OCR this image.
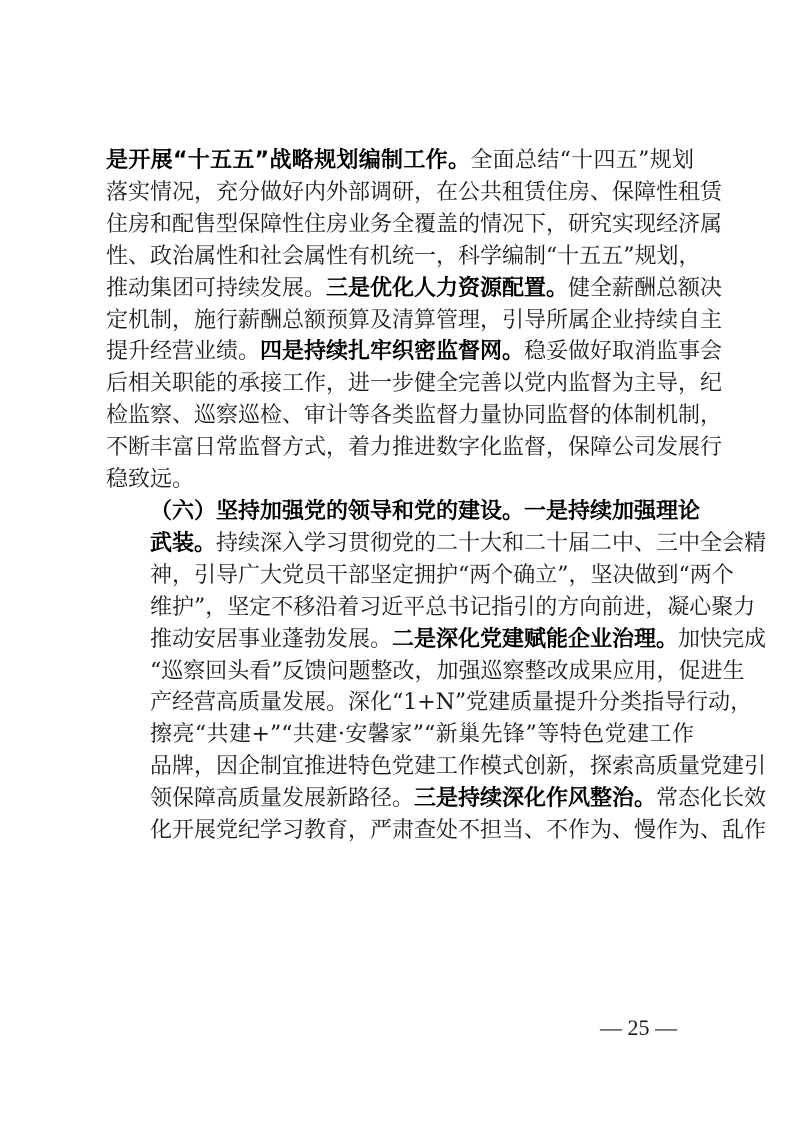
是开展“十五五”战略规划编制工作。全面总结“十四五”规划
落实情况，充分做好内外部调研，在公共租赁住房、保障性租赁
住房和配售型保障性住房业务全覆盖的情况下，研究实现经济属
性、政治属性和社会属性有机统一，科学编制“十五五”规划，
推动集团可持续发展。三是优化人力资源配置。健全薪酬总额决
定机制，施行薪酬总额预算及清算管理，引导所属企业持续自主
提升经营业绩。四是持续扎牢织密监督网。稳妥做好取消监事会
后相关职能的承接工作，进一步健全完善以党内监督为主导，纪
检监察、巡察巡检、审计等各类监督力量协同监督的体制机制，
不断丰富日常监督方式，着力推进数字化监督，保障公司发展行
稳致远。
（六）坚持加强党的领导和党的建设。一是持续加强理论
武装。持续深入学习贯彻党的二十大和二十届二中、三中全会精
神，引导广大党员干部坚定拥护“两个确立”，坚决做到“两个
维护”，坚定不移沿着习近平总书记指引的方向前进，凝心聚力
推动安居事业蓬勃发展。二是深化党建赋能企业治理。加快完成
“巡察回头看”反馈问题整改，加强巡察整改成果应用，促进生
产经营高质量发展。深化“1+N”党建质量提升分类指导行动，
擦亮“共建+”“共建·安馨家”“新巢先锋”等特色党建工作
品牌，因企制宜推进特色党建工作模式创新，探索高质量党建引
领保障高质量发展新路径。三是持续深化作风整治。常态化长效
化开展党纪学习教育，严肃查处不担当、不作为、慢作为、乱作
— 25 —
